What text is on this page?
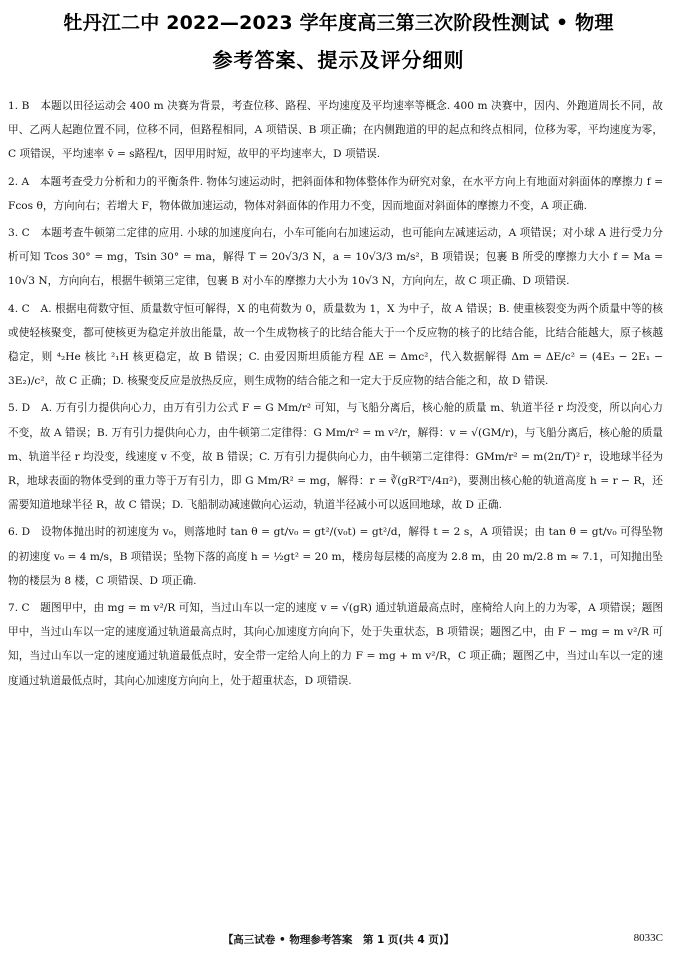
牡丹江二中 2022—2023 学年度高三第三次阶段性测试 • 物理
参考答案、提示及评分细则

1. B　本题以田径运动会 400 m 决赛为背景，考查位移、路程、平均速度及平均速率等概念. 400 m 决赛中，因内、外跑道周长不同，故甲、乙两人起跑位置不同，位移不同，但路程相同，A 项错误、B 项正确；在内侧跑道的甲的起点和终点相同，位移为零，平均速度为零，C 项错误，平均速率 v̄ = s路程/t，因甲用时短，故甲的平均速率大，D 项错误.

2. A　本题考查受力分析和力的平衡条件. 物体匀速运动时，把斜面体和物体整体作为研究对象，在水平方向上有地面对斜面体的摩擦力 f = Fcos θ，方向向右；若增大 F，物体做加速运动，物体对斜面体的作用力不变，因而地面对斜面体的摩擦力不变，A 项正确.

3. C　本题考查牛顿第二定律的应用. 小球的加速度向右，小车可能向右加速运动，也可能向左减速运动，A 项错误；对小球 A 进行受力分析可知 Tcos 30° = mg，Tsin 30° = ma，解得 T = 20√3/3 N，a = 10√3/3 m/s²，B 项错误；包裹 B 所受的摩擦力大小 f = Ma = 10√3 N，方向向右，根据牛顿第三定律，包裹 B 对小车的摩擦力大小为 10√3 N，方向向左，故 C 项正确、D 项错误.

4. C　A. 根据电荷数守恒、质量数守恒可解得，X 的电荷数为 0，质量数为 1，X 为中子，故 A 错误；B. 使重核裂变为两个质量中等的核或使轻核聚变，都可使核更为稳定并放出能量，故一个生成物核子的比结合能大于一个反应物的核子的比结合能，比结合能越大，原子核越稳定，则 ⁴₂He 核比 ²₁H 核更稳定，故 B 错误；C. 由爱因斯坦质能方程 ΔE = Δmc²，代入数据解得 Δm = ΔE/c² = (4E₃ − 2E₁ − 3E₂)/c²，故 C 正确；D. 核聚变反应是放热反应，则生成物的结合能之和一定大于反应物的结合能之和，故 D 错误.

5. D　A. 万有引力提供向心力，由万有引力公式 F = G Mm/r² 可知，与飞船分离后，核心舱的质量 m、轨道半径 r 均没变，所以向心力不变，故 A 错误；B. 万有引力提供向心力，由牛顿第二定律得：G Mm/r² = m v²/r，解得：v = √(GM/r)，与飞船分离后，核心舱的质量 m、轨道半径 r 均没变，线速度 v 不变，故 B 错误；C. 万有引力提供向心力，由牛顿第二定律得：GMm/r² = m(2π/T)² r，设地球半径为 R，地球表面的物体受到的重力等于万有引力，即 G Mm/R² = mg，解得：r = ∛(gR²T²/4π²)，要测出核心舱的轨道高度 h = r − R，还需要知道地球半径 R，故 C 错误；D. 飞船制动减速做向心运动，轨道半径减小可以返回地球，故 D 正确.

6. D　设物体抛出时的初速度为 v₀，则落地时 tan θ = gt/v₀ = gt²/(v₀t) = gt²/d，解得 t = 2 s，A 项错误；由 tan θ = gt/v₀ 可得坠物的初速度 v₀ = 4 m/s，B 项错误；坠物下落的高度 h = ½gt² = 20 m，楼房每层楼的高度为 2.8 m，由 20 m/2.8 m ≈ 7.1，可知抛出坠物的楼层为 8 楼，C 项错误、D 项正确.

7. C　题图甲中，由 mg = m v²/R 可知，当过山车以一定的速度 v = √(gR) 通过轨道最高点时，座椅给人向上的力为零，A 项错误；题图甲中，当过山车以一定的速度通过轨道最高点时，其向心加速度方向向下，处于失重状态，B 项错误；题图乙中，由 F − mg = m v²/R 可知，当过山车以一定的速度通过轨道最低点时，安全带一定给人向上的力 F = mg + m v²/R，C 项正确；题图乙中，当过山车以一定的速度通过轨道最低点时，其向心加速度方向向上，处于超重状态，D 项错误.

【高三试卷 • 物理参考答案　第 1 页(共 4 页)】	8033C
